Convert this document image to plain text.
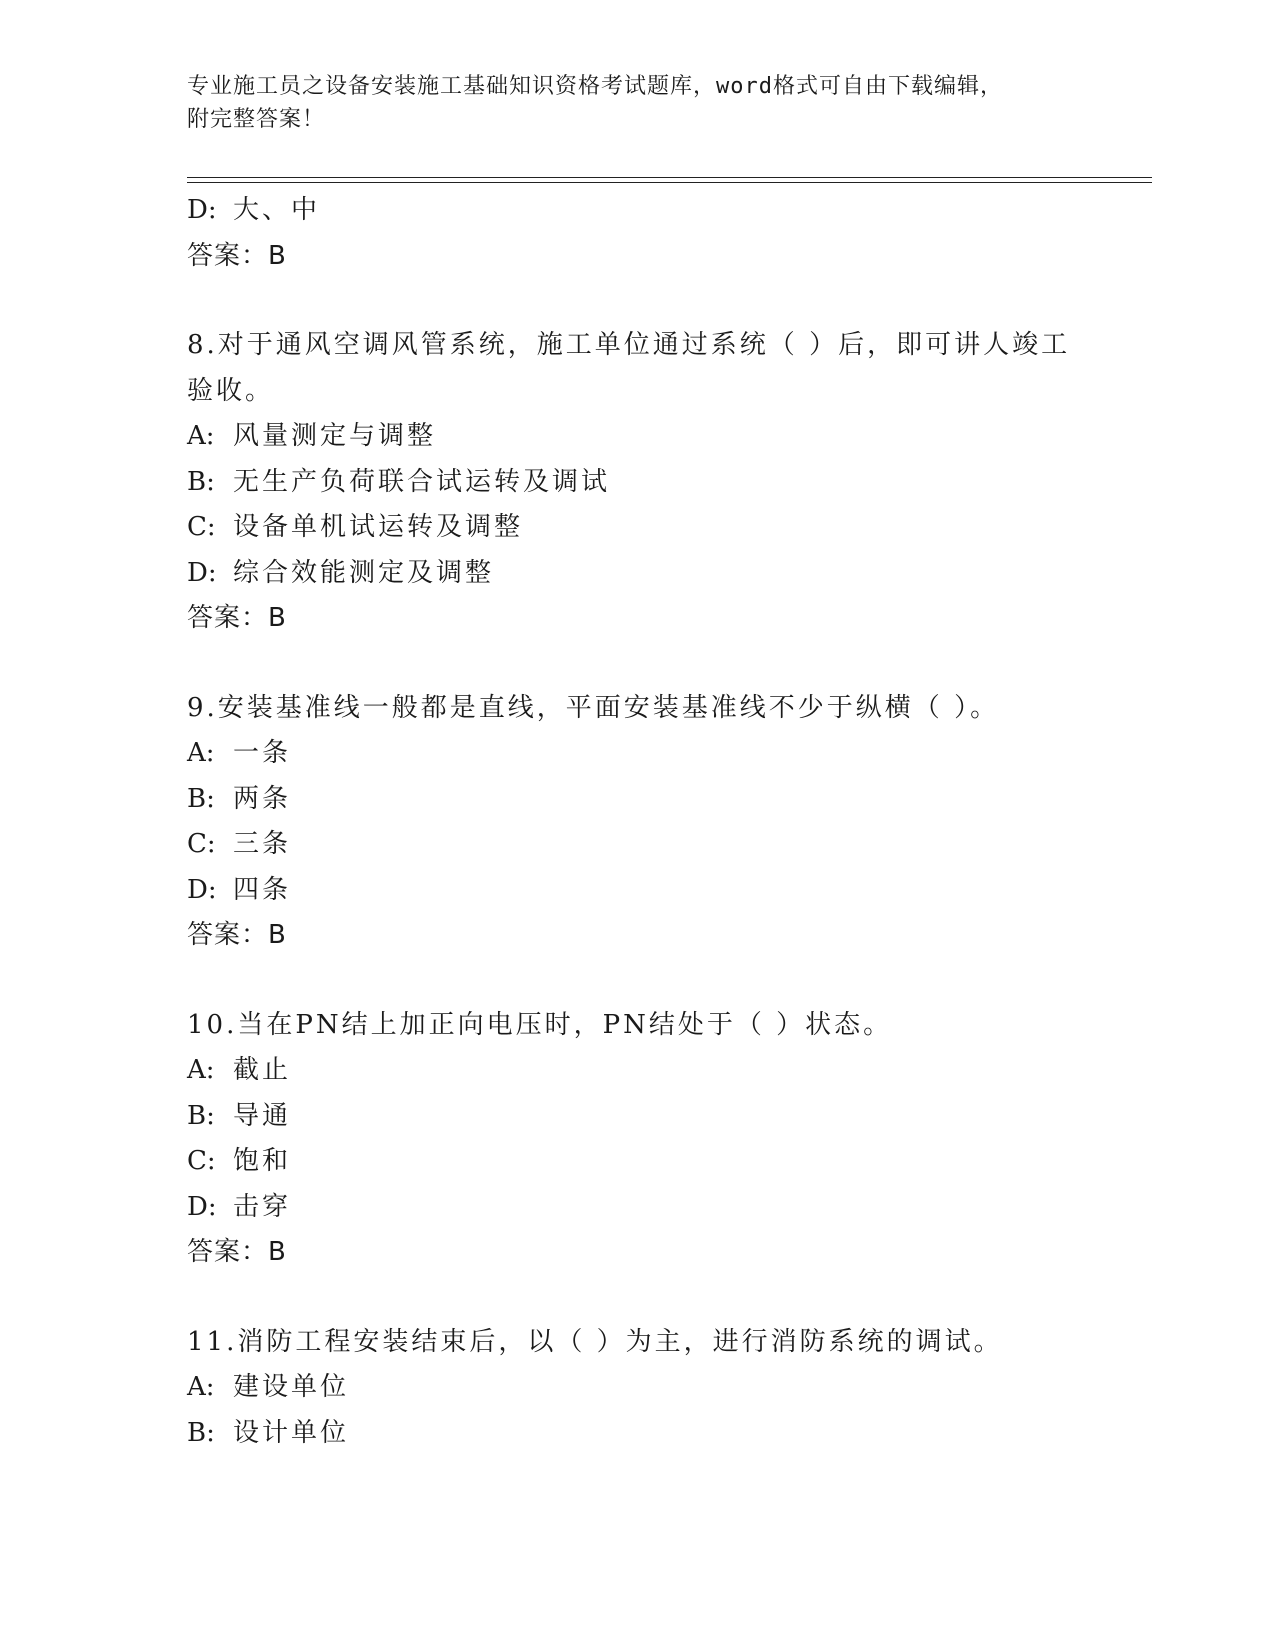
专业施工员之设备安装施工基础知识资格考试题库，word格式可自由下载编辑，
附完整答案！
D: 大、中
答案：B
8.对于通风空调风管系统，施工单位通过系统（ ）后，即可讲人竣工
验收。
A: 风量测定与调整
B: 无生产负荷联合试运转及调试
C: 设备单机试运转及调整
D: 综合效能测定及调整
答案：B
9.安装基准线一般都是直线，平面安装基准线不少于纵横（ ）。
A: 一条
B: 两条
C: 三条
D: 四条
答案：B
10.当在PN结上加正向电压时，PN结处于（ ）状态。
A: 截止
B: 导通
C: 饱和
D: 击穿
答案：B
11.消防工程安装结束后，以（ ）为主，进行消防系统的调试。
A: 建设单位
B: 设计单位
